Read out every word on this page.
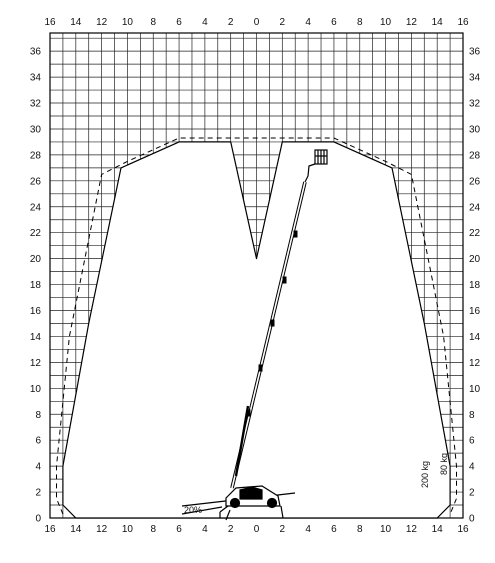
20%
200 kg 80 kg
16 14 12 10 8 6 4 2 0 2 4 6 8 10 12 14 16
16 14 12 10 8 6 4 2 0 2 4 6 8 10 12 14 16
0
2
4
6
8
10
12
14
16
18
20
22
24
26
28
30
32
34
36
0
2
4
6
8
10
12
14
16
18
20
22
24
26
28
30
32
34
36
